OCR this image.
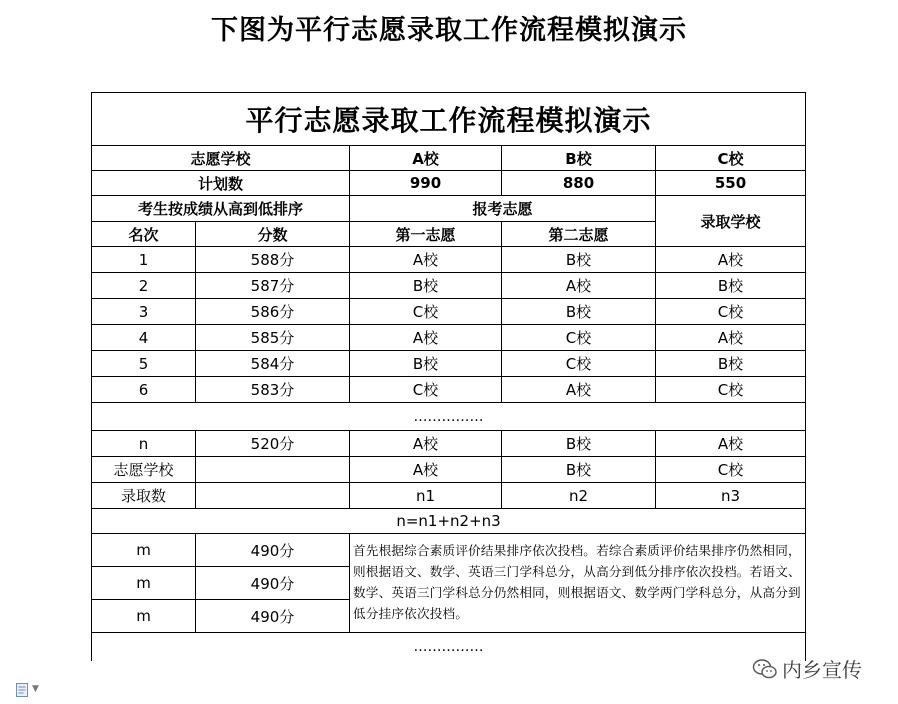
下图为平行志愿录取工作流程模拟演示
平行志愿录取工作流程模拟演示				
志愿学校		A校	B校	C校
计划数		990	880	550
考生按成绩从高到低排序		报考志愿		录取学校
名次	分数	第一志愿	第二志愿	
1	588分	A校	B校	A校
2	587分	B校	A校	B校
3	586分	C校	B校	C校
4	585分	A校	C校	A校
5	584分	B校	C校	B校
6	583分	C校	A校	C校
……………				
n	520分	A校	B校	A校
志愿学校		A校	B校	C校
录取数		n1	n2	n3
n=n1+n2+n3				
m	490分	首先根据综合素质评价结果排序依次投档。若综合素质评价结果排序仍然相同，则根据语文、数学、英语三门学科总分，从高分到低分排序依次投档。若语文、数学、英语三门学科总分仍然相同，则根据语文、数学两门学科总分，从高分到低分挂序依次投档。		
m	490分			
m	490分			
……………				
内乡宣传
▼
